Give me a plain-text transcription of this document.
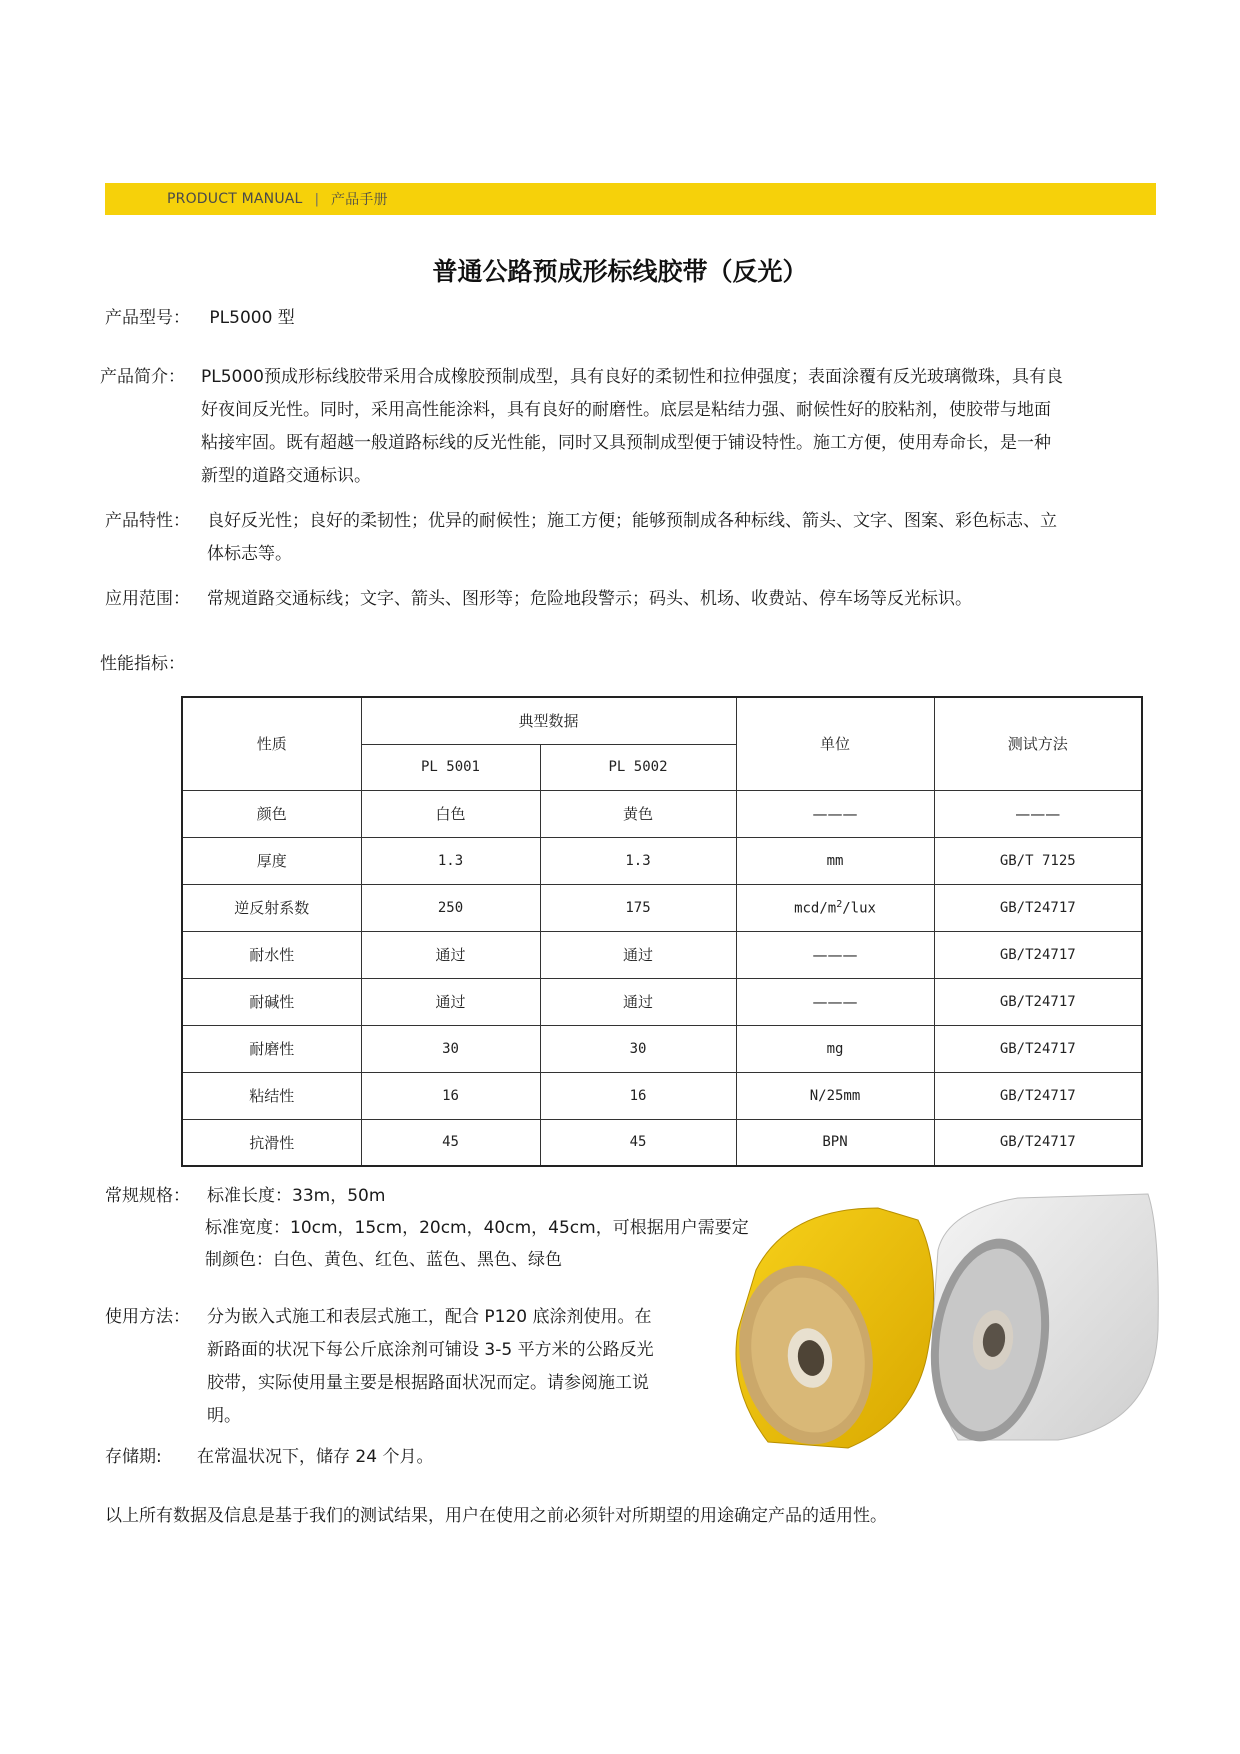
PRODUCT MANUAL | 产品手册
普通公路预成形标线胶带（反光）
产品型号： PL5000 型
产品简介： PL5000预成形标线胶带采用合成橡胶预制成型，具有良好的柔韧性和拉伸强度；表面涂覆有反光玻璃微珠，具有良
好夜间反光性。同时，采用高性能涂料，具有良好的耐磨性。底层是粘结力强、耐候性好的胶粘剂，使胶带与地面
粘接牢固。既有超越一般道路标线的反光性能，同时又具预制成型便于铺设特性。施工方便，使用寿命长，是一种
新型的道路交通标识。
产品特性： 良好反光性；良好的柔韧性；优异的耐候性；施工方便；能够预制成各种标线、箭头、文字、图案、彩色标志、立
体标志等。
应用范围： 常规道路交通标线；文字、箭头、图形等；危险地段警示；码头、机场、收费站、停车场等反光标识。
性能指标：
性质	典型数据		单位	测试方法
	PL 5001	PL 5002		
颜色	白色	黄色	———	———
厚度	1.3	1.3	mm	GB/T 7125
逆反射系数	250	175	mcd/$m^2$/lux	GB/T24717
耐水性	通过	通过	———	GB/T24717
耐碱性	通过	通过	———	GB/T24717
耐磨性	30	30	mg	GB/T24717
粘结性	16	16	N/25mm	GB/T24717
抗滑性	45	45	BPN	GB/T24717
常规规格： 标准长度：33m，50m
标准宽度：10cm，15cm，20cm，40cm，45cm，可根据用户需要定
制颜色：白色、黄色、红色、蓝色、黑色、绿色
使用方法： 分为嵌入式施工和表层式施工，配合 P120 底涂剂使用。在
新路面的状况下每公斤底涂剂可铺设 3-5 平方米的公路反光
胶带，实际使用量主要是根据路面状况而定。请参阅施工说
明。
存储期: 在常温状况下，储存 24 个月。
以上所有数据及信息是基于我们的测试结果，用户在使用之前必须针对所期望的用途确定产品的适用性。
